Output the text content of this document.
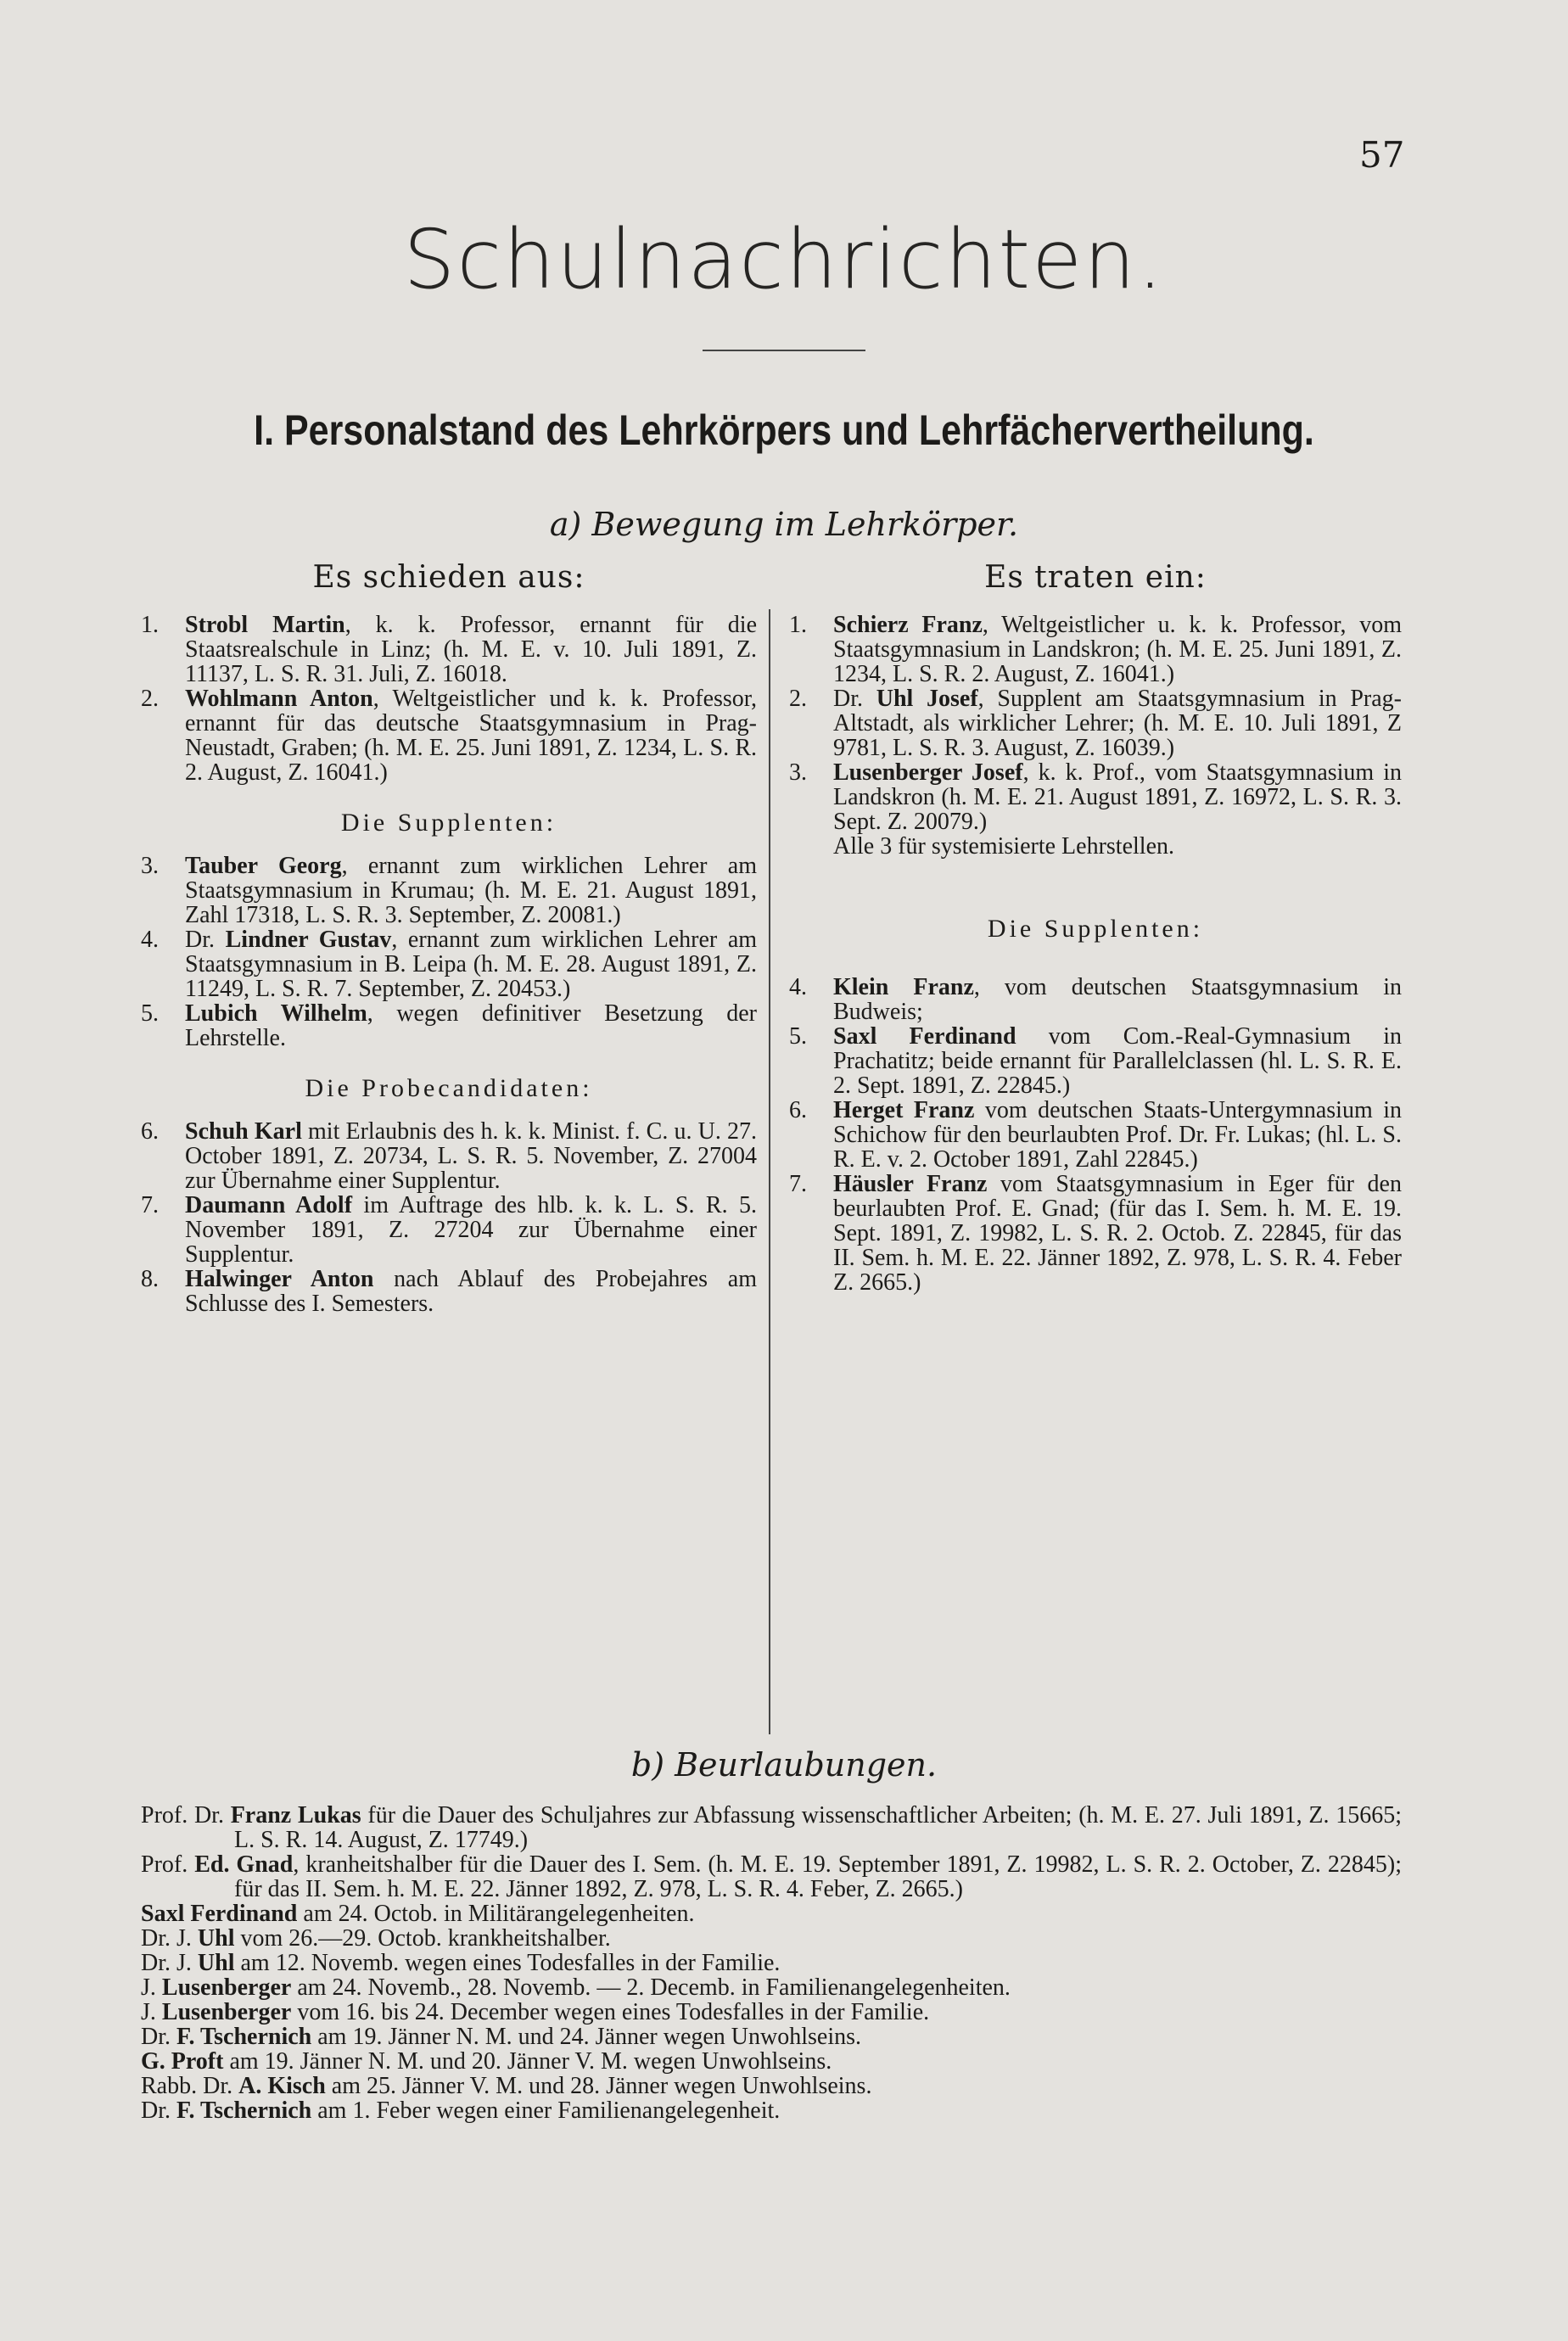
57
Schulnachrichten.
I. Personalstand des Lehrkörpers und Lehrfächervertheilung.
a) Bewegung im Lehrkörper.
Es schieden aus:	Es traten ein:
1. Strobl Martin, k. k. Professor, ernannt für die Staatsrealschule in Linz; (h. M. E. v. 10. Juli 1891, Z. 11137, L. S. R. 31. Juli, Z. 16018.
2. Wohlmann Anton, Weltgeistlicher und k. k. Professor, ernannt für das deutsche Staatsgymnasium in Prag-Neustadt, Graben; (h. M. E. 25. Juni 1891, Z. 1234, L. S. R. 2. August, Z. 16041.)
Die Supplenten:
3. Tauber Georg, ernannt zum wirklichen Lehrer am Staatsgymnasium in Krumau; (h. M. E. 21. August 1891, Zahl 17318, L. S. R. 3. September, Z. 20081.)
4. Dr. Lindner Gustav, ernannt zum wirklichen Lehrer am Staatsgymnasium in B. Leipa (h. M. E. 28. August 1891, Z. 11249, L. S. R. 7. September, Z. 20453.)
5. Lubich Wilhelm, wegen definitiver Besetzung der Lehrstelle.
Die Probecandidaten:
6. Schuh Karl mit Erlaubnis des h. k. k. Minist. f. C. u. U. 27. October 1891, Z. 20734, L. S. R. 5. November, Z. 27004 zur Übernahme einer Supplentur.
7. Daumann Adolf im Auftrage des hlb. k. k. L. S. R. 5. November 1891, Z. 27204 zur Übernahme einer Supplentur.
8. Halwinger Anton nach Ablauf des Probejahres am Schlusse des I. Semesters.
1. Schierz Franz, Weltgeistlicher u. k. k. Professor, vom Staatsgymnasium in Landskron; (h. M. E. 25. Juni 1891, Z. 1234, L. S. R. 2. August, Z. 16041.)
2. Dr. Uhl Josef, Supplent am Staatsgymnasium in Prag-Altstadt, als wirklicher Lehrer; (h. M. E. 10. Juli 1891, Z 9781, L. S. R. 3. August, Z. 16039.)
3. Lusenberger Josef, k. k. Prof., vom Staatsgymnasium in Landskron (h. M. E. 21. August 1891, Z. 16972, L. S. R. 3. Sept. Z. 20079.)
Alle 3 für systemisierte Lehrstellen.
Die Supplenten:
4. Klein Franz, vom deutschen Staatsgymnasium in Budweis;
5. Saxl Ferdinand vom Com.-Real-Gymnasium in Prachatitz; beide ernannt für Parallelclassen (hl. L. S. R. E. 2. Sept. 1891, Z. 22845.)
6. Herget Franz vom deutschen Staats-Untergymnasium in Schichow für den beurlaubten Prof. Dr. Fr. Lukas; (hl. L. S. R. E. v. 2. October 1891, Zahl 22845.)
7. Häusler Franz vom Staatsgymnasium in Eger für den beurlaubten Prof. E. Gnad; (für das I. Sem. h. M. E. 19. Sept. 1891, Z. 19982, L. S. R. 2. Octob. Z. 22845, für das II. Sem. h. M. E. 22. Jänner 1892, Z. 978, L. S. R. 4. Feber Z. 2665.)
b) Beurlaubungen.
Prof. Dr. Franz Lukas für die Dauer des Schuljahres zur Abfassung wissenschaftlicher Arbeiten; (h. M. E. 27. Juli 1891, Z. 15665; L. S. R. 14. August, Z. 17749.)
Prof. Ed. Gnad, kranheitshalber für die Dauer des I. Sem. (h. M. E. 19. September 1891, Z. 19982, L. S. R. 2. October, Z. 22845); für das II. Sem. h. M. E. 22. Jänner 1892, Z. 978, L. S. R. 4. Feber, Z. 2665.)
Saxl Ferdinand am 24. Octob. in Militärangelegenheiten.
Dr. J. Uhl vom 26.—29. Octob. krankheitshalber.
Dr. J. Uhl am 12. Novemb. wegen eines Todesfalles in der Familie.
J. Lusenberger am 24. Novemb., 28. Novemb. — 2. Decemb. in Familienangelegenheiten.
J. Lusenberger vom 16. bis 24. December wegen eines Todesfalles in der Familie.
Dr. F. Tschernich am 19. Jänner N. M. und 24. Jänner wegen Unwohlseins.
G. Proft am 19. Jänner N. M. und 20. Jänner V. M. wegen Unwohlseins.
Rabb. Dr. A. Kisch am 25. Jänner V. M. und 28. Jänner wegen Unwohlseins.
Dr. F. Tschernich am 1. Feber wegen einer Familienangelegenheit.
